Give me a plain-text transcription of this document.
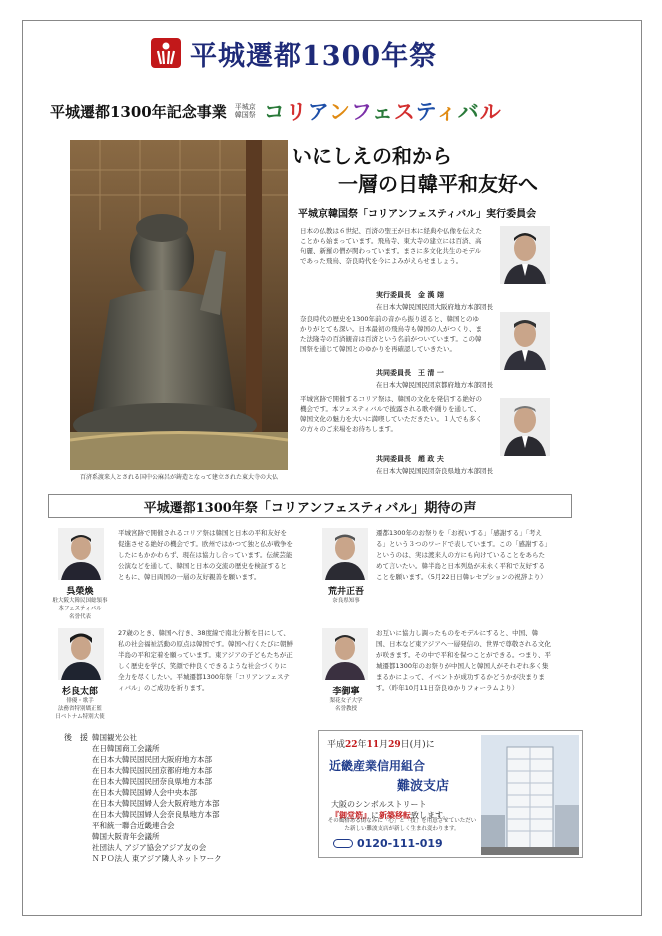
平城遷都1300年祭
平城遷都1300年記念事業 平城京
韓国祭 コリアンフェスティバル
百済系渡来人とされる国中公麻呂が鋳造となって建立された東大寺の大仏
いにしえの和から
一層の日韓平和友好へ
平城京韓国祭「コリアンフェスティバル」実行委員会
日本の仏教は６世紀、百済の聖王が日本に経典や仏像を伝えたことから始まっています。飛鳥寺、東大寺の建立には百済、高句麗、新羅の僧が関わっています。まさに多文化共生のモデルであった飛鳥、奈良時代を今によみがえらせましょう。
実行委員長　 金 漢 翊
在日本大韓民国民団大阪府地方本部団長
奈良時代の歴史を1300年前の音から振り返ると、韓国とのゆかりがとても深い。日本最初の飛鳥寺も韓国の人がつくり、また法隆寺の百済観音は百済という名前がついています。この韓国祭を通じて韓国とのゆかりを再確認していきたい。
共同委員長　 王 清 一
在日本大韓民国民団京都府地方本部団長
平城宮跡で開催するコリア祭は、韓国の文化を発信する絶好の機会です。本フェスティバルで披露される歌や踊りを通して、韓国文化の魅力を大いに満喫していただきたい。１人でも多くの方々のご来場をお待ちします。
共同委員長　 趙 政 夫
在日本大韓民国民団奈良県地方本部団長
平城遷都1300年祭「コリアンフェスティバル」期待の声
呉榮煥
駐大阪大韓民国総領事
本フェスティバル
名誉代表
平城宮跡で開催されるコリア祭は韓国と日本の平和友好を促進させる絶好の機会です。欧州ではかつて独と仏が戦争をしたにもかかわらず、現在は協力し合っています。伝統芸能公演などを通して、韓国と日本の交流の歴史を検証するとともに、韓日両国の一層の友好親善を願います。
荒井正吾
奈良県知事
遷都1300年のお祭りを「お祝いする」「感謝する」「考える」という３つのワードで表しています。この「感謝する」というのは、実は渡来人の方にも向けていることをあらためて言いたい。韓半島と日本列島が末永く平和で友好することを願います。（5月22日日韓レセプションの祝辞より）
杉良太郎
俳優・歌手
法務省特別矯正監
日ベトナム特別大使
27歳のとき、韓国へ行き、38度線で南北分断を目にして、私の社会福祉活動の原点は韓国です。韓国へ行くたびに朝鮮半島の平和定着を願っています。東アジアの子どもたちが正しく歴史を学び、笑顔で仲良くできるような社会づくりに全力を尽くしたい。平城遷都1300年祭「コリアンフェスティバル」のご成功を祈ります。	李御寧
梨花女子大学
名誉教授
お互いに協力し調ったものをモデルにすると、中国、韓国、日本など東アジアへ一層発信の、世界で尊敬される文化が咲きます。その中で平和を保つことができる。つまり、平城遷都1300年のお祭りが中国人と韓国人がそれぞれ多く集まるかによって、イベントが成功するかどうかが決まります。（昨年10月11日奈良ゆかりフォーラムより）
後　援 韓国観光公社
在日韓国商工会議所
在日本大韓民国民団大阪府地方本部
在日本大韓民国民団京都府地方本部
在日本大韓民国民団奈良県地方本部
在日本大韓民国婦人会中央本部
在日本大韓民国婦人会大阪府地方本部
在日本大韓民国婦人会奈良県地方本部
平和統一聯合近畿連合会
韓国大阪青年会議所
社団法人 アジア協会アジア友の会
ＮＰＯ法人 東アジア隣人ネットワーク
平成22年11月29日(月)に
近畿産業信用組合
難波支店
大阪のシンボルストリート
『御堂筋』に新築移転致します。
その風格ある街なみに「心」と「技」を用意させていただいた新しい難波支店が新しく生まれ変わります。
0120-111-019
